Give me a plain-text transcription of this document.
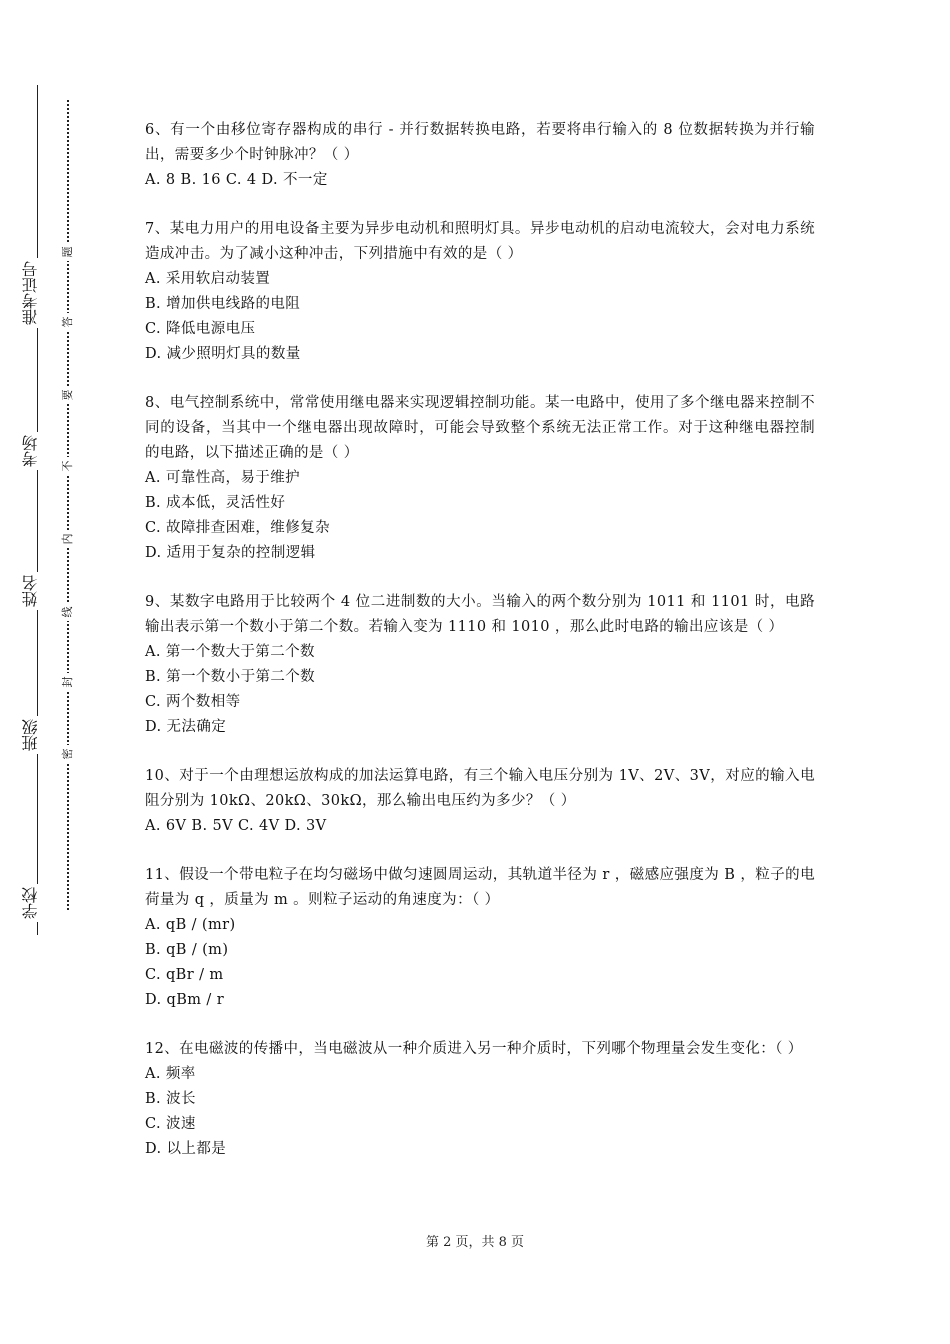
准考证号
考场
姓名
班级
学校
题
答
要
不
内
线
封
密

6、有一个由移位寄存器构成的串行 - 并行数据转换电路，若要将串行输入的 8 位数据转换为并行输出，需要多少个时钟脉冲？（ ）

A. 8 B. 16 C. 4 D. 不一定

7、某电力用户的用电设备主要为异步电动机和照明灯具。异步电动机的启动电流较大，会对电力系统造成冲击。为了减小这种冲击，下列措施中有效的是（ ）

A. 采用软启动装置

B. 增加供电线路的电阻

C. 降低电源电压

D. 减少照明灯具的数量

8、电气控制系统中，常常使用继电器来实现逻辑控制功能。某一电路中，使用了多个继电器来控制不同的设备，当其中一个继电器出现故障时，可能会导致整个系统无法正常工作。对于这种继电器控制的电路，以下描述正确的是（ ）

A. 可靠性高，易于维护

B. 成本低，灵活性好

C. 故障排查困难，维修复杂

D. 适用于复杂的控制逻辑

9、某数字电路用于比较两个 4 位二进制数的大小。当输入的两个数分别为 1011 和 1101 时，电路输出表示第一个数小于第二个数。若输入变为 1110 和 1010 ，那么此时电路的输出应该是（ ）

A. 第一个数大于第二个数

B. 第一个数小于第二个数

C. 两个数相等

D. 无法确定

10、对于一个由理想运放构成的加法运算电路，有三个输入电压分别为 1V、2V、3V，对应的输入电阻分别为 10kΩ、20kΩ、30kΩ，那么输出电压约为多少？（ ）

A. 6V B. 5V C. 4V D. 3V

11、假设一个带电粒子在均匀磁场中做匀速圆周运动，其轨道半径为 r ，磁感应强度为 B ，粒子的电荷量为 q ，质量为 m 。则粒子运动的角速度为：（ ）

A. qB / (mr)

B. qB / (m)

C. qBr / m

D. qBm / r

12、在电磁波的传播中，当电磁波从一种介质进入另一种介质时，下列哪个物理量会发生变化：（ ）

A. 频率

B. 波长

C. 波速

D. 以上都是

第 2 页，共 8 页
